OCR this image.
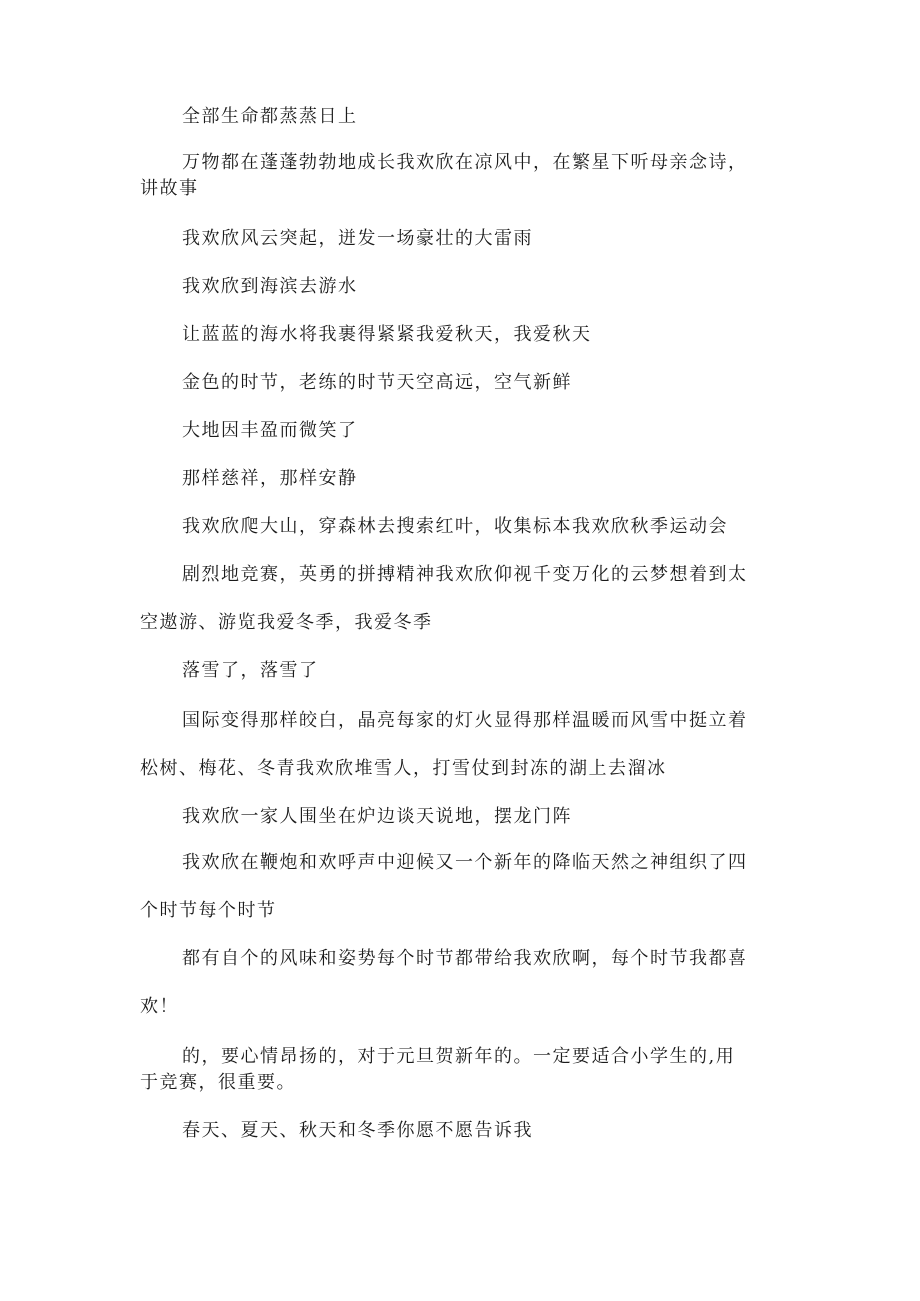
全部生命都蒸蒸日上

万物都在蓬蓬勃勃地成长我欢欣在凉风中，在繁星下听母亲念诗，
讲故事

我欢欣风云突起，迸发一场豪壮的大雷雨

我欢欣到海滨去游水

让蓝蓝的海水将我裹得紧紧我爱秋天，我爱秋天

金色的时节，老练的时节天空高远，空气新鲜

大地因丰盈而微笑了

那样慈祥，那样安静

我欢欣爬大山，穿森林去搜索红叶，收集标本我欢欣秋季运动会

剧烈地竞赛，英勇的拼搏精神我欢欣仰视千变万化的云梦想着到太
空遨游、游览我爱冬季，我爱冬季

落雪了，落雪了

国际变得那样皎白，晶亮每家的灯火显得那样温暖而风雪中挺立着
松树、梅花、冬青我欢欣堆雪人，打雪仗到封冻的湖上去溜冰

我欢欣一家人围坐在炉边谈天说地，摆龙门阵

我欢欣在鞭炮和欢呼声中迎候又一个新年的降临天然之神组织了四
个时节每个时节

都有自个的风味和姿势每个时节都带给我欢欣啊，每个时节我都喜
欢！

的，要心情昂扬的，对于元旦贺新年的。一定要适合小学生的,用
于竞赛，很重要。

春天、夏天、秋天和冬季你愿不愿告诉我
